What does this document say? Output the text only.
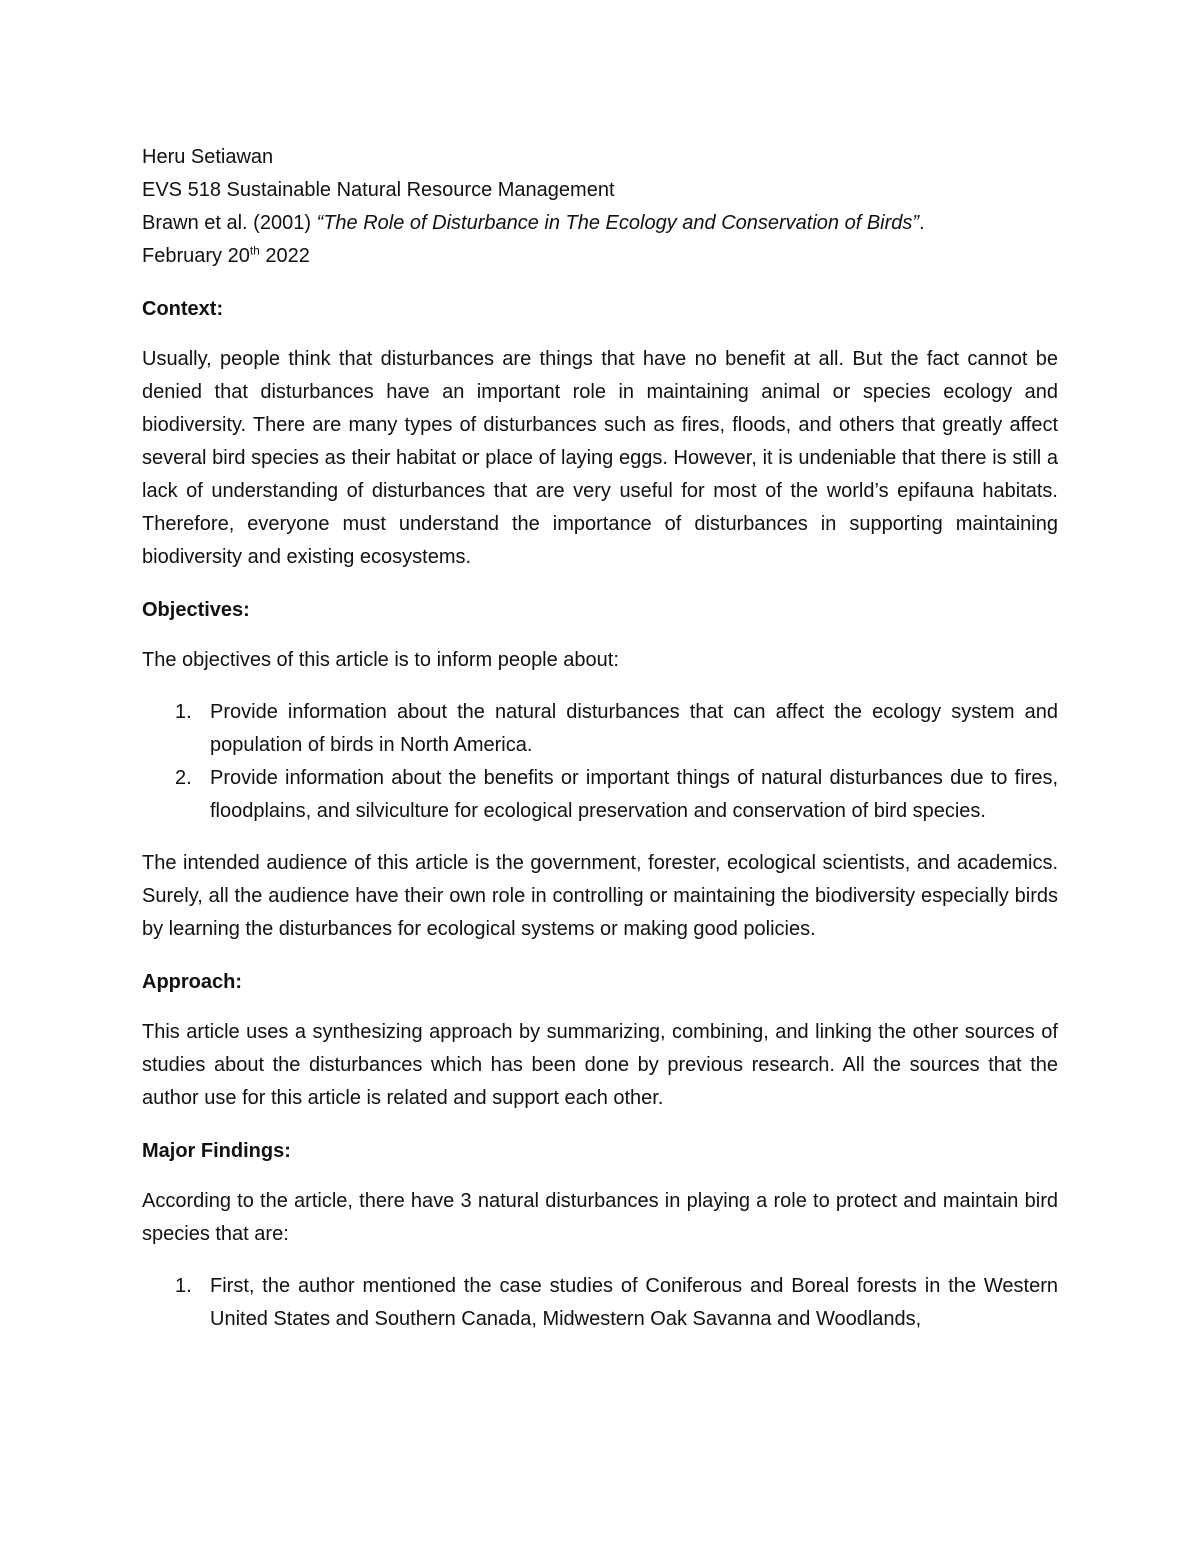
Heru Setiawan

EVS 518 Sustainable Natural Resource Management

Brawn et al. (2001) “The Role of Disturbance in The Ecology and Conservation of Birds”.

February 20th 2022

Context:

Usually, people think that disturbances are things that have no benefit at all. But the fact cannot be denied that disturbances have an important role in maintaining animal or species ecology and biodiversity. There are many types of disturbances such as fires, floods, and others that greatly affect several bird species as their habitat or place of laying eggs. However, it is undeniable that there is still a lack of understanding of disturbances that are very useful for most of the world’s epifauna habitats. Therefore, everyone must understand the importance of disturbances in supporting maintaining biodiversity and existing ecosystems.

Objectives:

The objectives of this article is to inform people about:

1. Provide information about the natural disturbances that can affect the ecology system and population of birds in North America.
2. Provide information about the benefits or important things of natural disturbances due to fires, floodplains, and silviculture for ecological preservation and conservation of bird species.

The intended audience of this article is the government, forester, ecological scientists, and academics. Surely, all the audience have their own role in controlling or maintaining the biodiversity especially birds by learning the disturbances for ecological systems or making good policies.

Approach:

This article uses a synthesizing approach by summarizing, combining, and linking the other sources of studies about the disturbances which has been done by previous research. All the sources that the author use for this article is related and support each other.

Major Findings:

According to the article, there have 3 natural disturbances in playing a role to protect and maintain bird species that are:

1. First, the author mentioned the case studies of Coniferous and Boreal forests in the Western United States and Southern Canada, Midwestern Oak Savanna and Woodlands,
